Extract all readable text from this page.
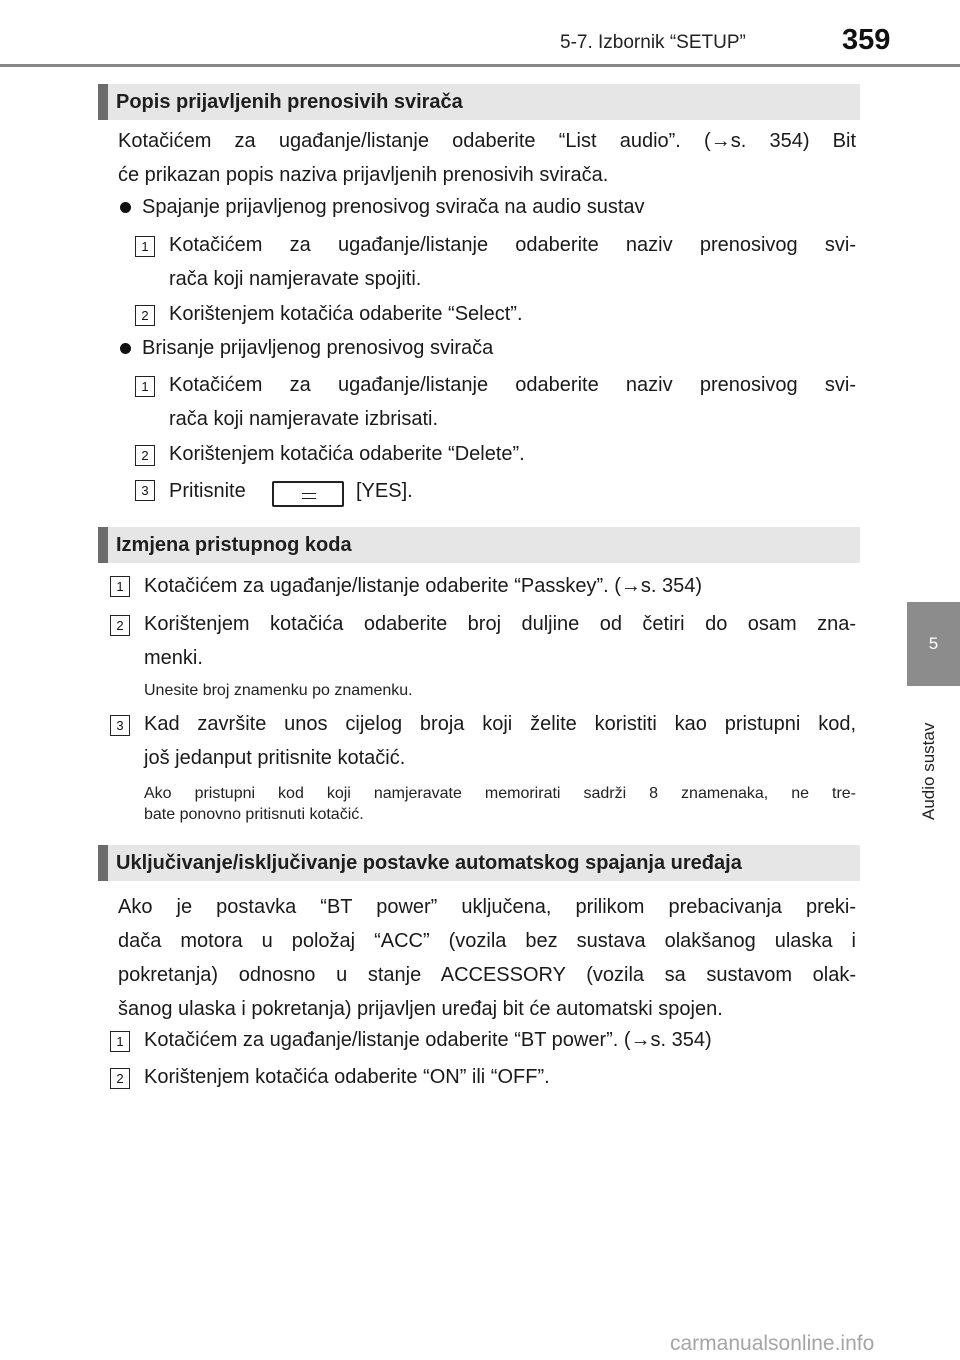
5-7. Izbornik “SETUP”	359
5
Audio sustav
Popis prijavljenih prenosivih svirača
Kotačićem za ugađanje/listanje odaberite “List audio”. (→s. 354) Bit
će prikazan popis naziva prijavljenih prenosivih svirača.
Spajanje prijavljenog prenosivog svirača na audio sustav
1	Kotačićem za ugađanje/listanje odaberite naziv prenosivog svi-
rača koji namjeravate spojiti.
2	Korištenjem kotačića odaberite “Select”.
Brisanje prijavljenog prenosivog svirača
1	Kotačićem za ugađanje/listanje odaberite naziv prenosivog svi-
rača koji namjeravate izbrisati.
2	Korištenjem kotačića odaberite “Delete”.
3	Pritisnite	[YES].
Izmjena pristupnog koda
1	Kotačićem za ugađanje/listanje odaberite “Passkey”. (→s. 354)
2	Korištenjem kotačića odaberite broj duljine od četiri do osam zna-
menki.
Unesite broj znamenku po znamenku.
3	Kad završite unos cijelog broja koji želite koristiti kao pristupni kod,
još jedanput pritisnite kotačić.
Ako pristupni kod koji namjeravate memorirati sadrži 8 znamenaka, ne tre-
bate ponovno pritisnuti kotačić.
Uključivanje/isključivanje postavke automatskog spajanja uređaja
Ako je postavka “BT power” uključena, prilikom prebacivanja preki-
dača motora u položaj “ACC” (vozila bez sustava olakšanog ulaska i
pokretanja) odnosno u stanje ACCESSORY (vozila sa sustavom olak-
šanog ulaska i pokretanja) prijavljen uređaj bit će automatski spojen.
1	Kotačićem za ugađanje/listanje odaberite “BT power”. (→s. 354)
2	Korištenjem kotačića odaberite “ON” ili “OFF”.
carmanualsonline.info
